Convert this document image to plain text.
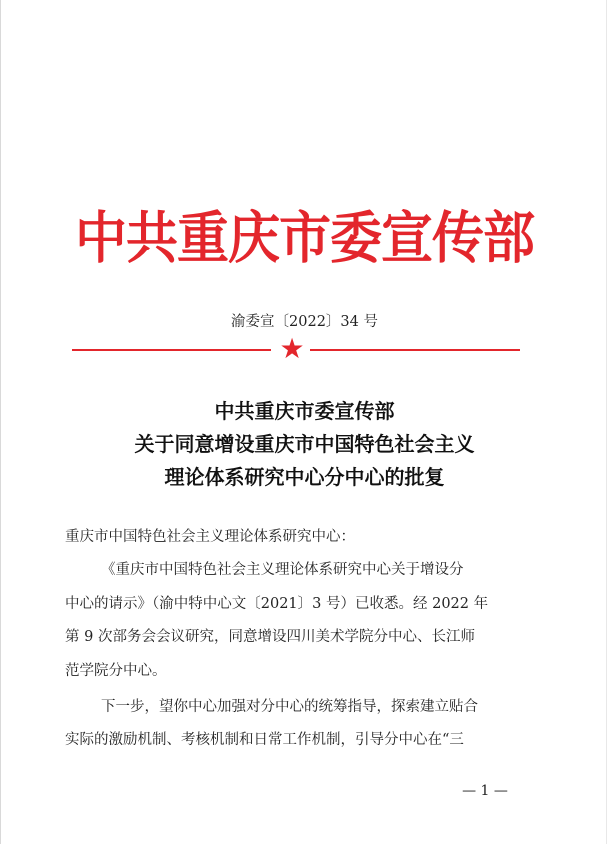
中共重庆市委宣传部
渝委宣〔2022〕34 号
★
中共重庆市委宣传部
关于同意增设重庆市中国特色社会主义
理论体系研究中心分中心的批复
重庆市中国特色社会主义理论体系研究中心：
《重庆市中国特色社会主义理论体系研究中心关于增设分
中心的请示》（渝中特中心文〔2021〕3 号）已收悉。经 2022 年
第 9 次部务会会议研究，同意增设四川美术学院分中心、长江师
范学院分中心。
下一步，望你中心加强对分中心的统筹指导，探索建立贴合
实际的激励机制、考核机制和日常工作机制，引导分中心在“三
— 1 —
